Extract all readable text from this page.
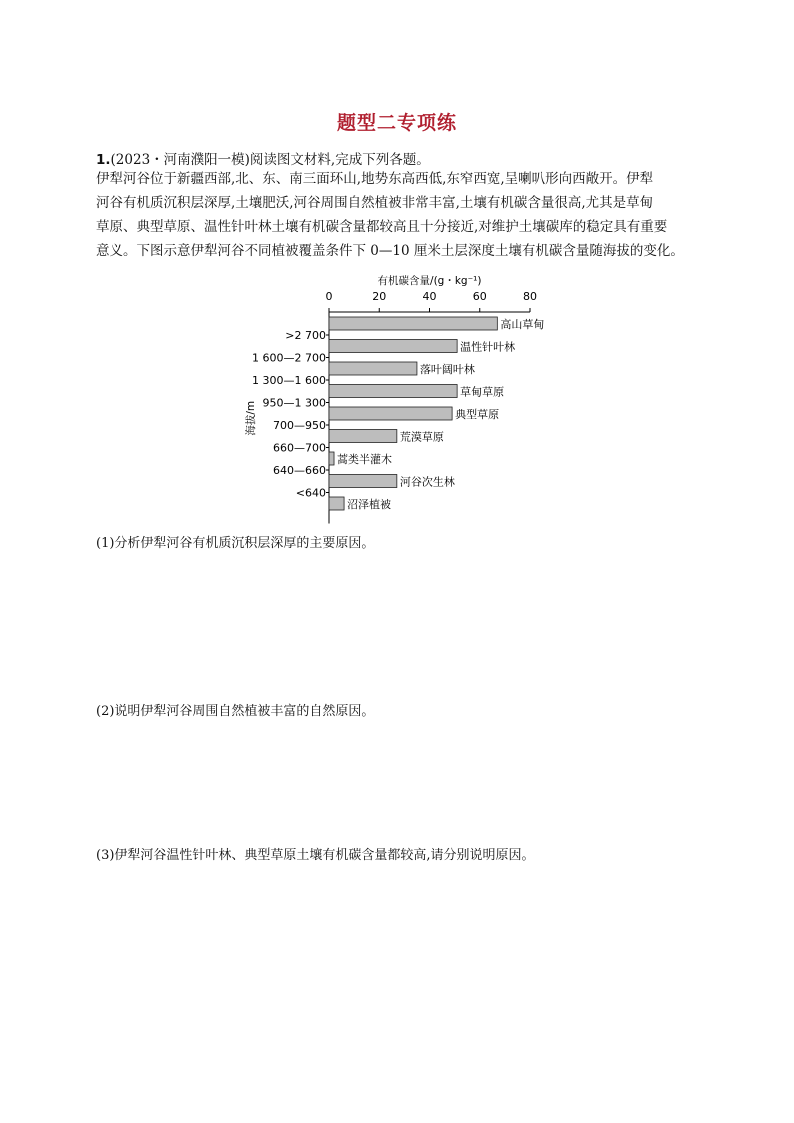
题型二专项练
1.(2023・河南濮阳一模)阅读图文材料,完成下列各题。
伊犁河谷位于新疆西部,北、东、南三面环山,地势东高西低,东窄西宽,呈喇叭形向西敞开。伊犁
河谷有机质沉积层深厚,土壤肥沃,河谷周围自然植被非常丰富,土壤有机碳含量很高,尤其是草甸
草原、典型草原、温性针叶林土壤有机碳含量都较高且十分接近,对维护土壤碳库的稳定具有重要
意义。下图示意伊犁河谷不同植被覆盖条件下 0—10 厘米土层深度土壤有机碳含量随海拔的变化。
有机碳含量/(g・kg⁻¹)
0	20	40	60	80
高山草甸
温性针叶林
落叶阔叶林
草甸草原
典型草原
荒漠草原
蒿类半灌木
河谷次生林
沼泽植被
>2 700
1 600—2 700
1 300—1 600
950—1 300
700—950
660—700
640—660
<640
海拔/m
(1)分析伊犁河谷有机质沉积层深厚的主要原因。
(2)说明伊犁河谷周围自然植被丰富的自然原因。
(3)伊犁河谷温性针叶林、典型草原土壤有机碳含量都较高,请分别说明原因。
